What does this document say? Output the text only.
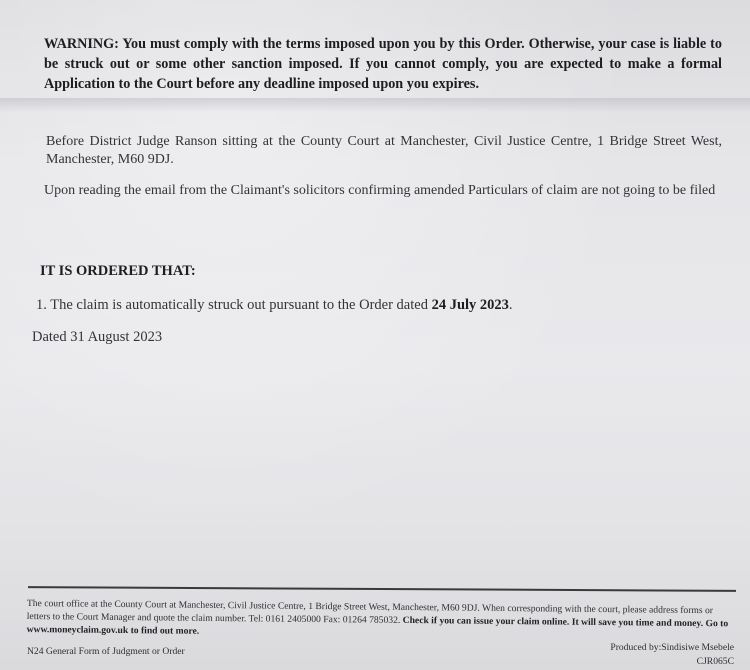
WARNING: You must comply with the terms imposed upon you by this Order. Otherwise, your case is liable to be struck out or some other sanction imposed. If you cannot comply, you are expected to make a formal Application to the Court before any deadline imposed upon you expires.
Before District Judge Ranson sitting at the County Court at Manchester, Civil Justice Centre, 1 Bridge Street West, Manchester, M60 9DJ.
Upon reading the email from the Claimant's solicitors confirming amended Particulars of claim are not going to be filed
IT IS ORDERED THAT:
1. The claim is automatically struck out pursuant to the Order dated 24 July 2023.
Dated 31 August 2023
The court office at the County Court at Manchester, Civil Justice Centre, 1 Bridge Street West, Manchester, M60 9DJ. When corresponding with the court, please address forms or letters to the Court Manager and quote the claim number. Tel: 0161 2405000 Fax: 01264 785032. Check if you can issue your claim online. It will save you time and money. Go to www.moneyclaim.gov.uk to find out more.
N24 General Form of Judgment or Order	Produced by:Sindisiwe Msebele
CJR065C
